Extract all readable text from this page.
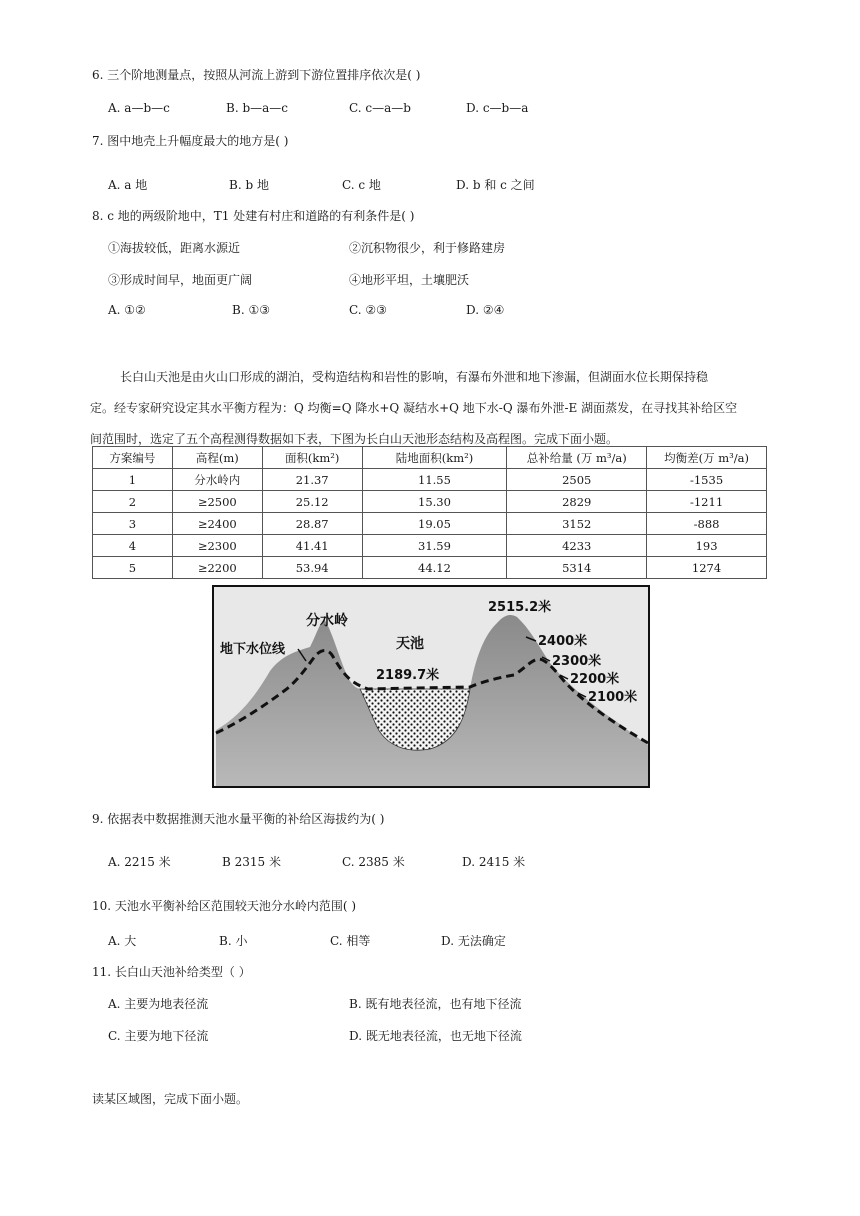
6. 三个阶地测量点，按照从河流上游到下游位置排序依次是( )
A. a—b—c	B. b—a—c	C. c—a—b	D. c—b—a
7. 图中地壳上升幅度最大的地方是( )
A. a 地	B. b 地	C. c 地	D. b 和 c 之间
8. c 地的两级阶地中，T1 处建有村庄和道路的有利条件是( )
①海拔较低，距离水源近	②沉积物很少，利于修路建房
③形成时间早，地面更广阔	④地形平坦，土壤肥沃
A. ①②	B. ①③	C. ②③	D. ②④
长白山天池是由火山口形成的湖泊，受构造结构和岩性的影响，有瀑布外泄和地下渗漏，但湖面水位长期保持稳
定。经专家研究设定其水平衡方程为：Q 均衡=Q 降水+Q 凝结水+Q 地下水-Q 瀑布外泄-E 湖面蒸发，在寻找其补给区空
间范围时，选定了五个高程测得数据如下表，下图为长白山天池形态结构及高程图。完成下面小题。
方案编号	高程(m)	面积(km²)	陆地面积(km²)	总补给量 (万 m³/a)	均衡差(万 m³/a)
1	分水岭内	21.37	11.55	2505	-1535
2	≥2500	25.12	15.30	2829	-1211
3	≥2400	28.87	19.05	3152	-888
4	≥2300	41.41	31.59	4233	193
5	≥2200	53.94	44.12	5314	1274
分水岭
天池
地下水位线
2189.7米
2515.2米
2400米
2300米
2200米
2100米
9. 依据表中数据推测天池水量平衡的补给区海拔约为( )
A. 2215 米	B 2315 米	C. 2385 米	D. 2415 米
10. 天池水平衡补给区范围较天池分水岭内范围( )
A. 大	B. 小	C. 相等	D. 无法确定
11. 长白山天池补给类型（ ）
A. 主要为地表径流	B. 既有地表径流，也有地下径流
C. 主要为地下径流	D. 既无地表径流，也无地下径流
读某区域图，完成下面小题。
